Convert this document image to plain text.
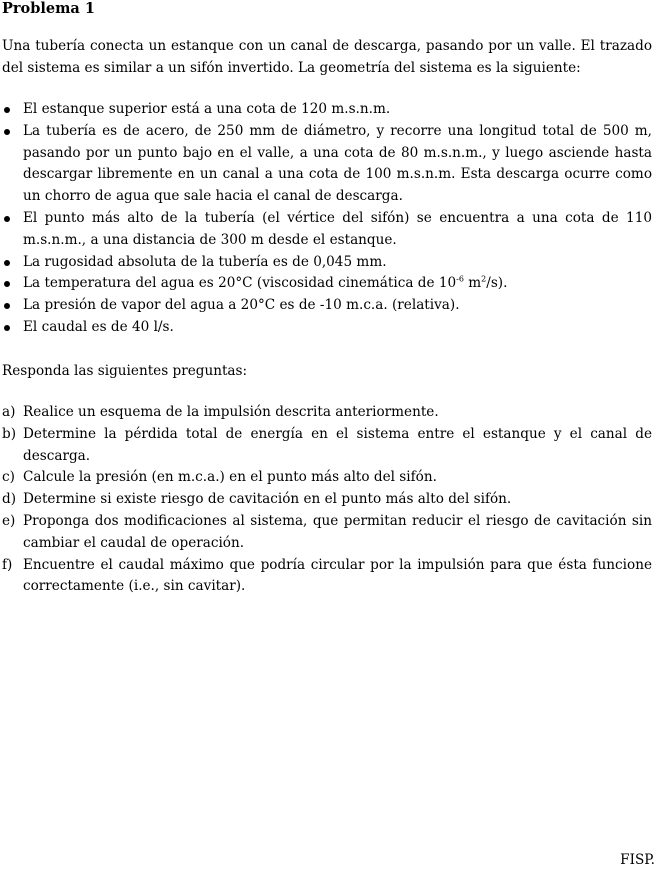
Problema 1

Una tubería conecta un estanque con un canal de descarga, pasando por un valle. El trazado del sistema es similar a un sifón invertido. La geometría del sistema es la siguiente:

El estanque superior está a una cota de 120 m.s.n.m.
La tubería es de acero, de 250 mm de diámetro, y recorre una longitud total de 500 m, pasando por un punto bajo en el valle, a una cota de 80 m.s.n.m., y luego asciende hasta descargar libremente en un canal a una cota de 100 m.s.n.m. Esta descarga ocurre como un chorro de agua que sale hacia el canal de descarga.
El punto más alto de la tubería (el vértice del sifón) se encuentra a una cota de 110 m.s.n.m., a una distancia de 300 m desde el estanque.
La rugosidad absoluta de la tubería es de 0,045 mm.
La temperatura del agua es 20°C (viscosidad cinemática de $10^{-6}$ $m^2/s$).
La presión de vapor del agua a 20°C es de -10 m.c.a. (relativa).
El caudal es de 40 l/s.

Responda las siguientes preguntas:

a) Realice un esquema de la impulsión descrita anteriormente.
b) Determine la pérdida total de energía en el sistema entre el estanque y el canal de descarga.
c) Calcule la presión (en m.c.a.) en el punto más alto del sifón.
d) Determine si existe riesgo de cavitación en el punto más alto del sifón.
e) Proponga dos modificaciones al sistema, que permitan reducir el riesgo de cavitación sin cambiar el caudal de operación.
f) Encuentre el caudal máximo que podría circular por la impulsión para que ésta funcione correctamente (i.e., sin cavitar).
FISP.
